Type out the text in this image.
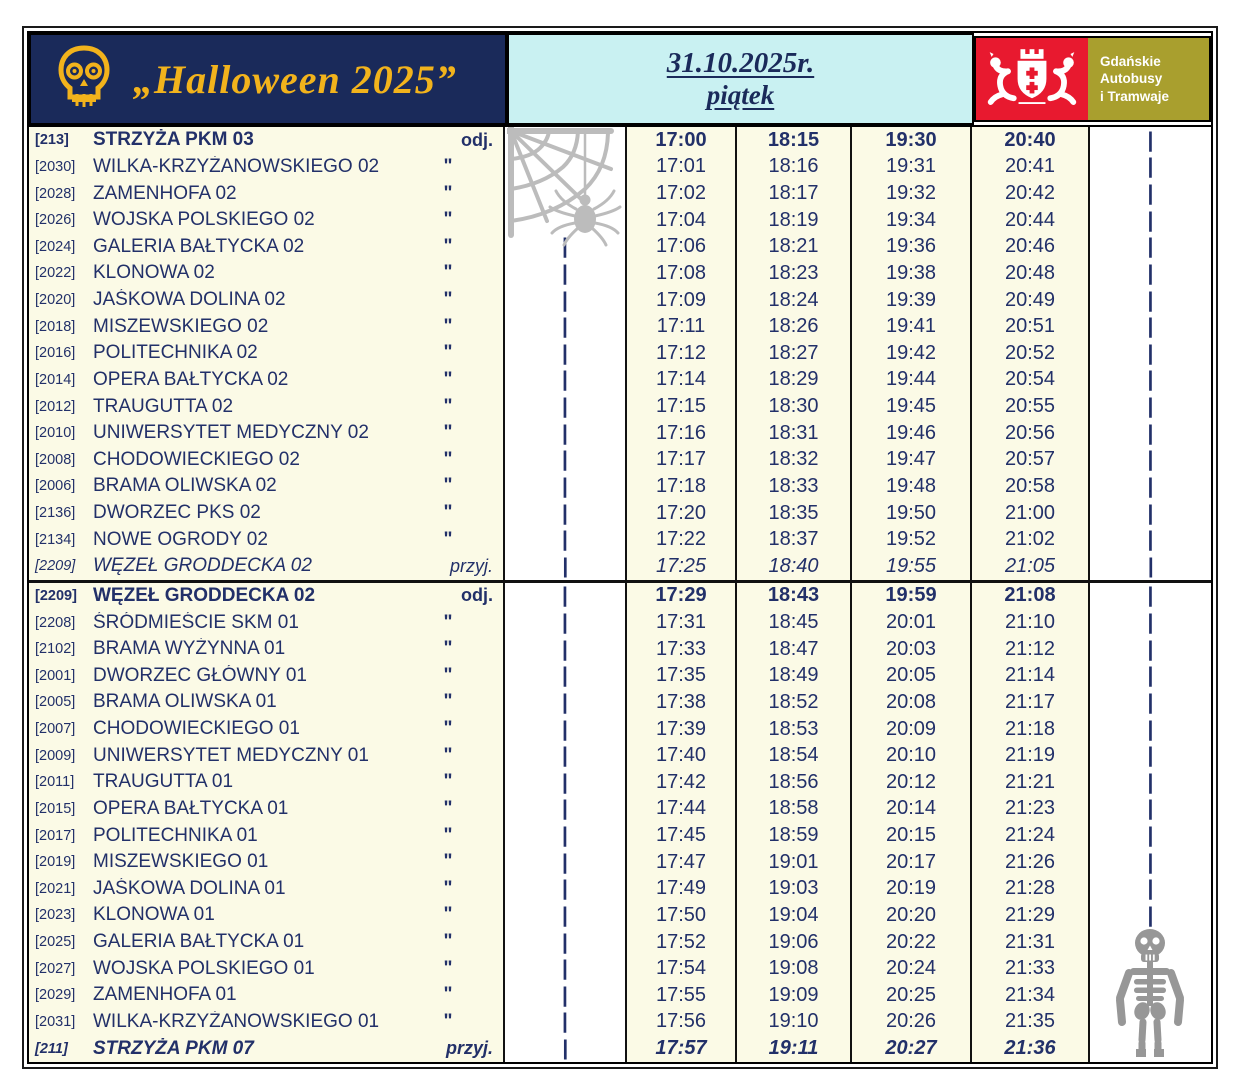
„Halloween 2025”	31.10.2025r.
piątek
Gdańskie
Autobusy
i Tramwaje
[213]	STRZYŻA PKM 03	odj.	17:00	18:15	19:30	20:40	|
[2030] WILKA-KRZYŻANOWSKIEGO 02	"	17:01	18:16	19:31	20:41	|
[2028] ZAMENHOFA 02	"	17:02	18:17	19:32	20:42	|
[2026] WOJSKA POLSKIEGO 02	"	17:04	18:19	19:34	20:44	|
[2024] GALERIA BAŁTYCKA 02	"	|	17:06	18:21	19:36	20:46	|
[2022] KLONOWA 02	"	|	17:08	18:23	19:38	20:48	|
[2020] JAŚKOWA DOLINA 02	"	|	17:09	18:24	19:39	20:49	|
[2018] MISZEWSKIEGO 02	"	|	17:11	18:26	19:41	20:51	|
[2016] POLITECHNIKA 02	"	|	17:12	18:27	19:42	20:52	|
[2014] OPERA BAŁTYCKA 02	"	|	17:14	18:29	19:44	20:54	|
[2012] TRAUGUTTA 02	"	|	17:15	18:30	19:45	20:55	|
[2010] UNIWERSYTET MEDYCZNY 02	"	|	17:16	18:31	19:46	20:56	|
[2008] CHODOWIECKIEGO 02	"	|	17:17	18:32	19:47	20:57	|
[2006] BRAMA OLIWSKA 02	"	|	17:18	18:33	19:48	20:58	|
[2136] DWORZEC PKS 02	"	|	17:20	18:35	19:50	21:00	|
[2134] NOWE OGRODY 02	"	|	17:22	18:37	19:52	21:02	|
[2209] WĘZEŁ GRODDECKA 02	przyj.	|	17:25	18:40	19:55	21:05	|
[2209] WĘZEŁ GRODDECKA 02	odj.	|	17:29	18:43	19:59	21:08	|
[2208] ŚRÓDMIEŚCIE SKM 01	"	|	17:31	18:45	20:01	21:10	|
[2102] BRAMA WYŻYNNA 01	"	|	17:33	18:47	20:03	21:12	|
[2001] DWORZEC GŁÓWNY 01	"	|	17:35	18:49	20:05	21:14	|
[2005] BRAMA OLIWSKA 01	"	|	17:38	18:52	20:08	21:17	|
[2007] CHODOWIECKIEGO 01	"	|	17:39	18:53	20:09	21:18	|
[2009] UNIWERSYTET MEDYCZNY 01	"	|	17:40	18:54	20:10	21:19	|
[2011] TRAUGUTTA 01	"	|	17:42	18:56	20:12	21:21	|
[2015] OPERA BAŁTYCKA 01	"	|	17:44	18:58	20:14	21:23	|
[2017] POLITECHNIKA 01	"	|	17:45	18:59	20:15	21:24	|
[2019] MISZEWSKIEGO 01	"	|	17:47	19:01	20:17	21:26	|
[2021] JAŚKOWA DOLINA 01	"	|	17:49	19:03	20:19	21:28	|
[2023] KLONOWA 01	"	|	17:50	19:04	20:20	21:29	|
[2025] GALERIA BAŁTYCKA 01	"	|	17:52	19:06	20:22	21:31
[2027] WOJSKA POLSKIEGO 01	"	|	17:54	19:08	20:24	21:33
[2029] ZAMENHOFA 01	"	|	17:55	19:09	20:25	21:34
[2031] WILKA-KRZYŻANOWSKIEGO 01	"	|	17:56	19:10	20:26	21:35
[211]	STRZYŻA PKM 07	przyj.	|	17:57	19:11	20:27	21:36
